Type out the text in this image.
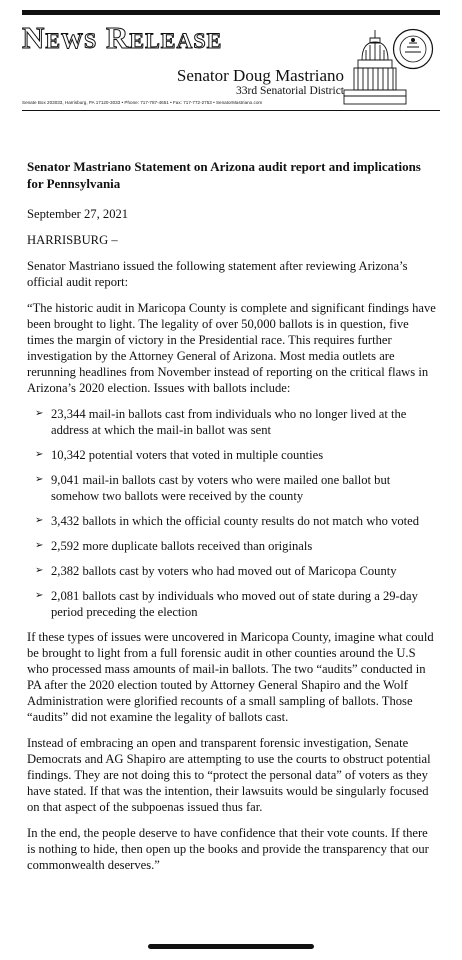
News Release
Senator Doug Mastriano
33rd Senatorial District
Senate Box 203033, Harrisburg, PA 17120-3033 • Phone: 717-787-4651 • Fax: 717-772-2753 • SenatorMastriano.com

Senator Mastriano Statement on Arizona audit report and implications for Pennsylvania

September 27, 2021

HARRISBURG –

Senator Mastriano issued the following statement after reviewing Arizona’s official audit report:

“The historic audit in Maricopa County is complete and significant findings have been brought to light. The legality of over 50,000 ballots is in question, five times the margin of victory in the Presidential race. This requires further investigation by the Attorney General of Arizona. Most media outlets are rerunning headlines from November instead of reporting on the critical flaws in Arizona’s 2020 election. Issues with ballots include:

➢ 23,344 mail-in ballots cast from individuals who no longer lived at the address at which the mail-in ballot was sent
➢ 10,342 potential voters that voted in multiple counties
➢ 9,041 mail-in ballots cast by voters who were mailed one ballot but somehow two ballots were received by the county
➢ 3,432 ballots in which the official county results do not match who voted
➢ 2,592 more duplicate ballots received than originals
➢ 2,382 ballots cast by voters who had moved out of Maricopa County
➢ 2,081 ballots cast by individuals who moved out of state during a 29-day period preceding the election

If these types of issues were uncovered in Maricopa County, imagine what could be brought to light from a full forensic audit in other counties around the U.S who processed mass amounts of mail-in ballots. The two “audits” conducted in PA after the 2020 election touted by Attorney General Shapiro and the Wolf Administration were glorified recounts of a small sampling of ballots. Those “audits” did not examine the legality of ballots cast.

Instead of embracing an open and transparent forensic investigation, Senate Democrats and AG Shapiro are attempting to use the courts to obstruct potential findings. They are not doing this to “protect the personal data” of voters as they have stated. If that was the intention, their lawsuits would be singularly focused on that aspect of the subpoenas issued thus far.

In the end, the people deserve to have confidence that their vote counts. If there is nothing to hide, then open up the books and provide the transparency that our commonwealth deserves.”
